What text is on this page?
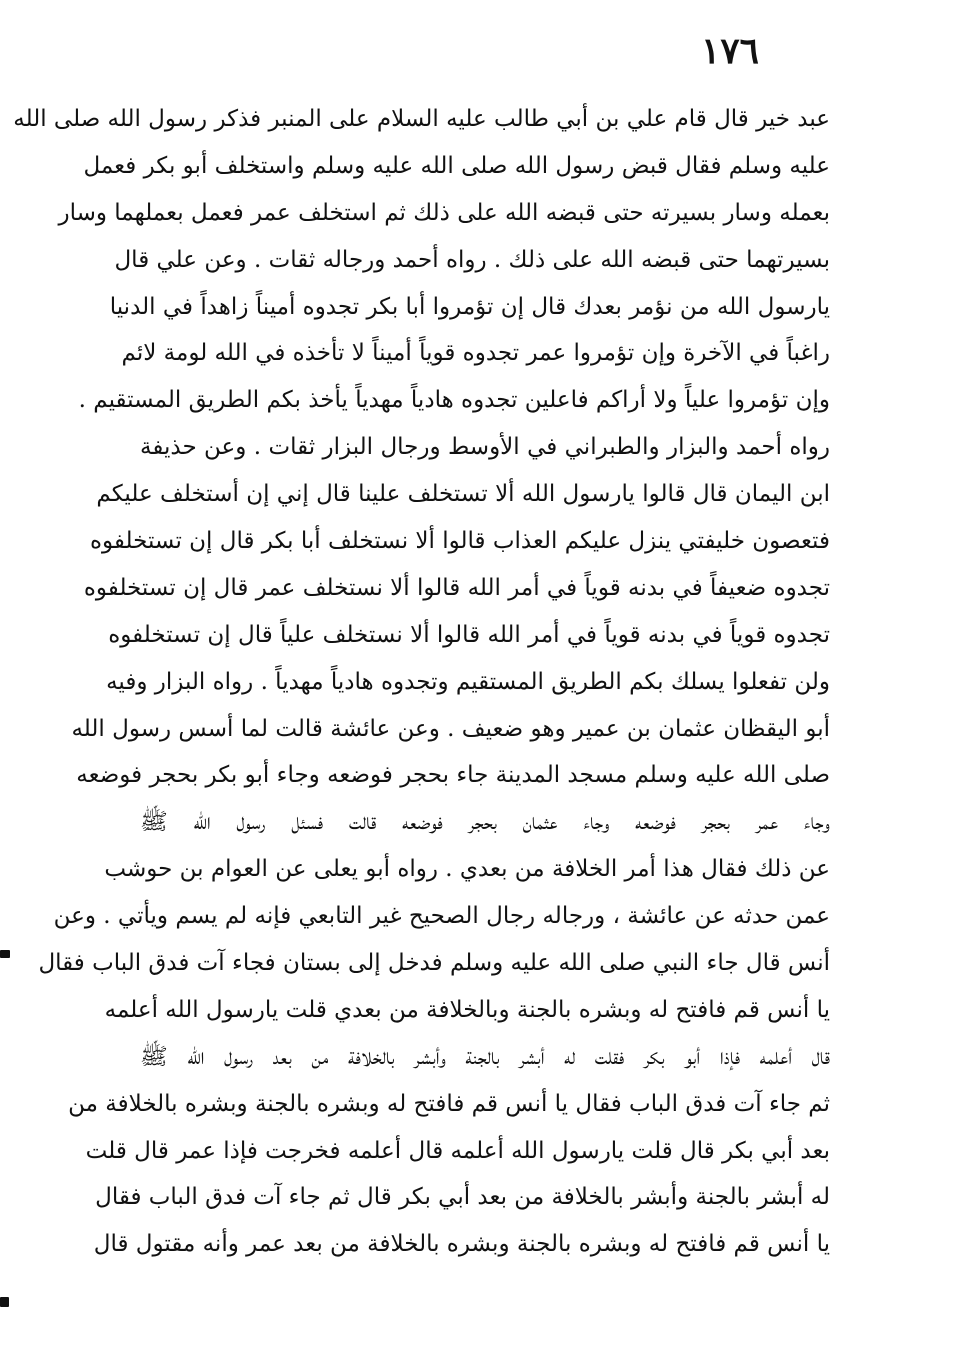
١٧٦
عبد خير قال قام علي بن أبي طالب عليه السلام على المنبر فذكر رسول الله صلى الله
عليه وسلم فقال قبض رسول الله صلى الله عليه وسلم واستخلف أبو بكر فعمل
بعمله وسار بسيرته حتى قبضه الله على ذلك ثم استخلف عمر فعمل بعملهما وسار
بسيرتهما حتى قبضه الله على ذلك . رواه أحمد ورجاله ثقات . وعن علي قال
يارسول الله من نؤمر بعدك قال إن تؤمروا أبا بكر تجدوه أميناً زاهداً في الدنيا
راغباً في الآخرة وإن تؤمروا عمر تجدوه قوياً أميناً لا تأخذه في الله لومة لائم
وإن تؤمروا علياً ولا أراكم فاعلين تجدوه هادياً مهدياً يأخذ بكم الطريق المستقيم .
رواه أحمد والبزار والطبراني في الأوسط ورجال البزار ثقات . وعن حذيفة
ابن اليمان قال قالوا يارسول الله ألا تستخلف علينا قال إني إن أستخلف عليكم
فتعصون خليفتي ينزل عليكم العذاب قالوا ألا نستخلف أبا بكر قال إن تستخلفوه
تجدوه ضعيفاً في بدنه قوياً في أمر الله قالوا ألا نستخلف عمر قال إن تستخلفوه
تجدوه قوياً في بدنه قوياً في أمر الله قالوا ألا نستخلف علياً قال إن تستخلفوه
ولن تفعلوا يسلك بكم الطريق المستقيم وتجدوه هادياً مهدياً . رواه البزار وفيه
أبو اليقظان عثمان بن عمير وهو ضعيف . وعن عائشة قالت لما أسس رسول الله
صلى الله عليه وسلم مسجد المدينة جاء بحجر فوضعه وجاء أبو بكر بحجر فوضعه
وجاء عمر بحجر فوضعه وجاء عثمان بحجر فوضعه قالت فسئل رسول الله ﷺ
عن ذلك فقال هذا أمر الخلافة من بعدي . رواه أبو يعلى عن العوام بن حوشب
عمن حدثه عن عائشة ، ورجاله رجال الصحيح غير التابعي فإنه لم يسم ويأتي . وعن
أنس قال جاء النبي صلى الله عليه وسلم فدخل إلى بستان فجاء آت فدق الباب فقال
يا أنس قم فافتح له وبشره بالجنة وبالخلافة من بعدي قلت يارسول الله أعلمه
قال أعلمه فإذا أبو بكر فقلت له أبشر بالجنة وأبشر بالخلافة من بعد رسول الله ﷺ
ثم جاء آت فدق الباب فقال يا أنس قم فافتح له وبشره بالجنة وبشره بالخلافة من
بعد أبي بكر قال قلت يارسول الله أعلمه قال أعلمه فخرجت فإذا عمر قال قلت
له أبشر بالجنة وأبشر بالخلافة من بعد أبي بكر قال ثم جاء آت فدق الباب فقال
يا أنس قم فافتح له وبشره بالجنة وبشره بالخلافة من بعد عمر وأنه مقتول قال
